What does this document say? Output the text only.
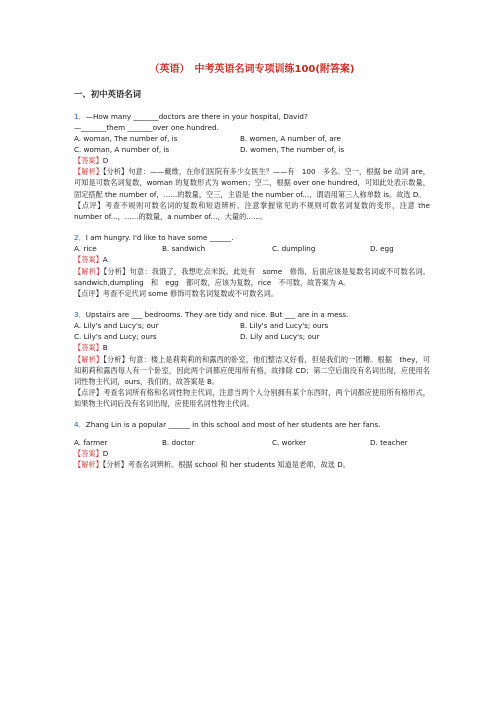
（英语）　中考英语名词专项训练100(附答案)
一、初中英语名词

1．—How many _______doctors are there in your hospital, David?

—_______them _______over one hundred.

A. woman, The number of, is	B. women, A number of, are
C. woman, A number of, is	D. women, The number of, is

【答案】D

【解析】【分析】句意：——戴维，在你们医院有多少女医生？——有　100　多名。空一，根据 be 动词 are，可知是可数名词复数，woman 的复数形式为 women；空二，根据 over one hundred，可知此处表示数量，固定搭配 the number of，......的数量，空三，主语是 the number of...，谓语用第三人称单数 is。故选 D。

【点评】考查不规则可数名词的复数和短语辨析。注意掌握常见的不规则可数名词复数的变形，注意 the number of...，......的数量，a number of...，大量的......。

2．I am hungry. I'd like to have some ______.

A. rice	B. sandwich	C. dumpling	D. egg

【答案】A

【解析】【分析】句意：我饿了，我想吃点米饭。此处有　some　修饰，后面应该是复数名词或不可数名词。sandwich,dumpling　和　egg　都可数，应该为复数，rice　不可数，故答案为 A。

【点评】考查不定代词 some 修饰可数名词复数或不可数名词。

3．Upstairs are ___ bedrooms. They are tidy and nice. But ___ are in a mess.

A. Lily's and Lucy's; our	B. Lily's and Lucy's; ours
C. Lily's and Lucy; ours	D. Lily and Lucy's; our

【答案】B

【解析】【分析】句意：楼上是莉莉莉的和露西的卧室，他们整洁又好看，但是我们的一团糟。根据　they，可知莉莉和露西每人有一个卧室，因此两个词都应使用所有格，故排除 CD；第二空后面没有名词出现，应使用名词性物主代词，ours，我们的，故答案是 B。

【点评】考查名词所有格和名词性物主代词，注意当两个人分别拥有某个东西时，两个词都应使用所有格形式，如果物主代词后没有名词出现，应使用名词性物主代词。

4．Zhang Lin is a popular ______ in this school and most of her students are her fans.

A. farmer	B. doctor	C. worker	D. teacher

【答案】D

【解析】【分析】考查名词辨析。根据 school 和 her students 知道是老师，故选 D。
